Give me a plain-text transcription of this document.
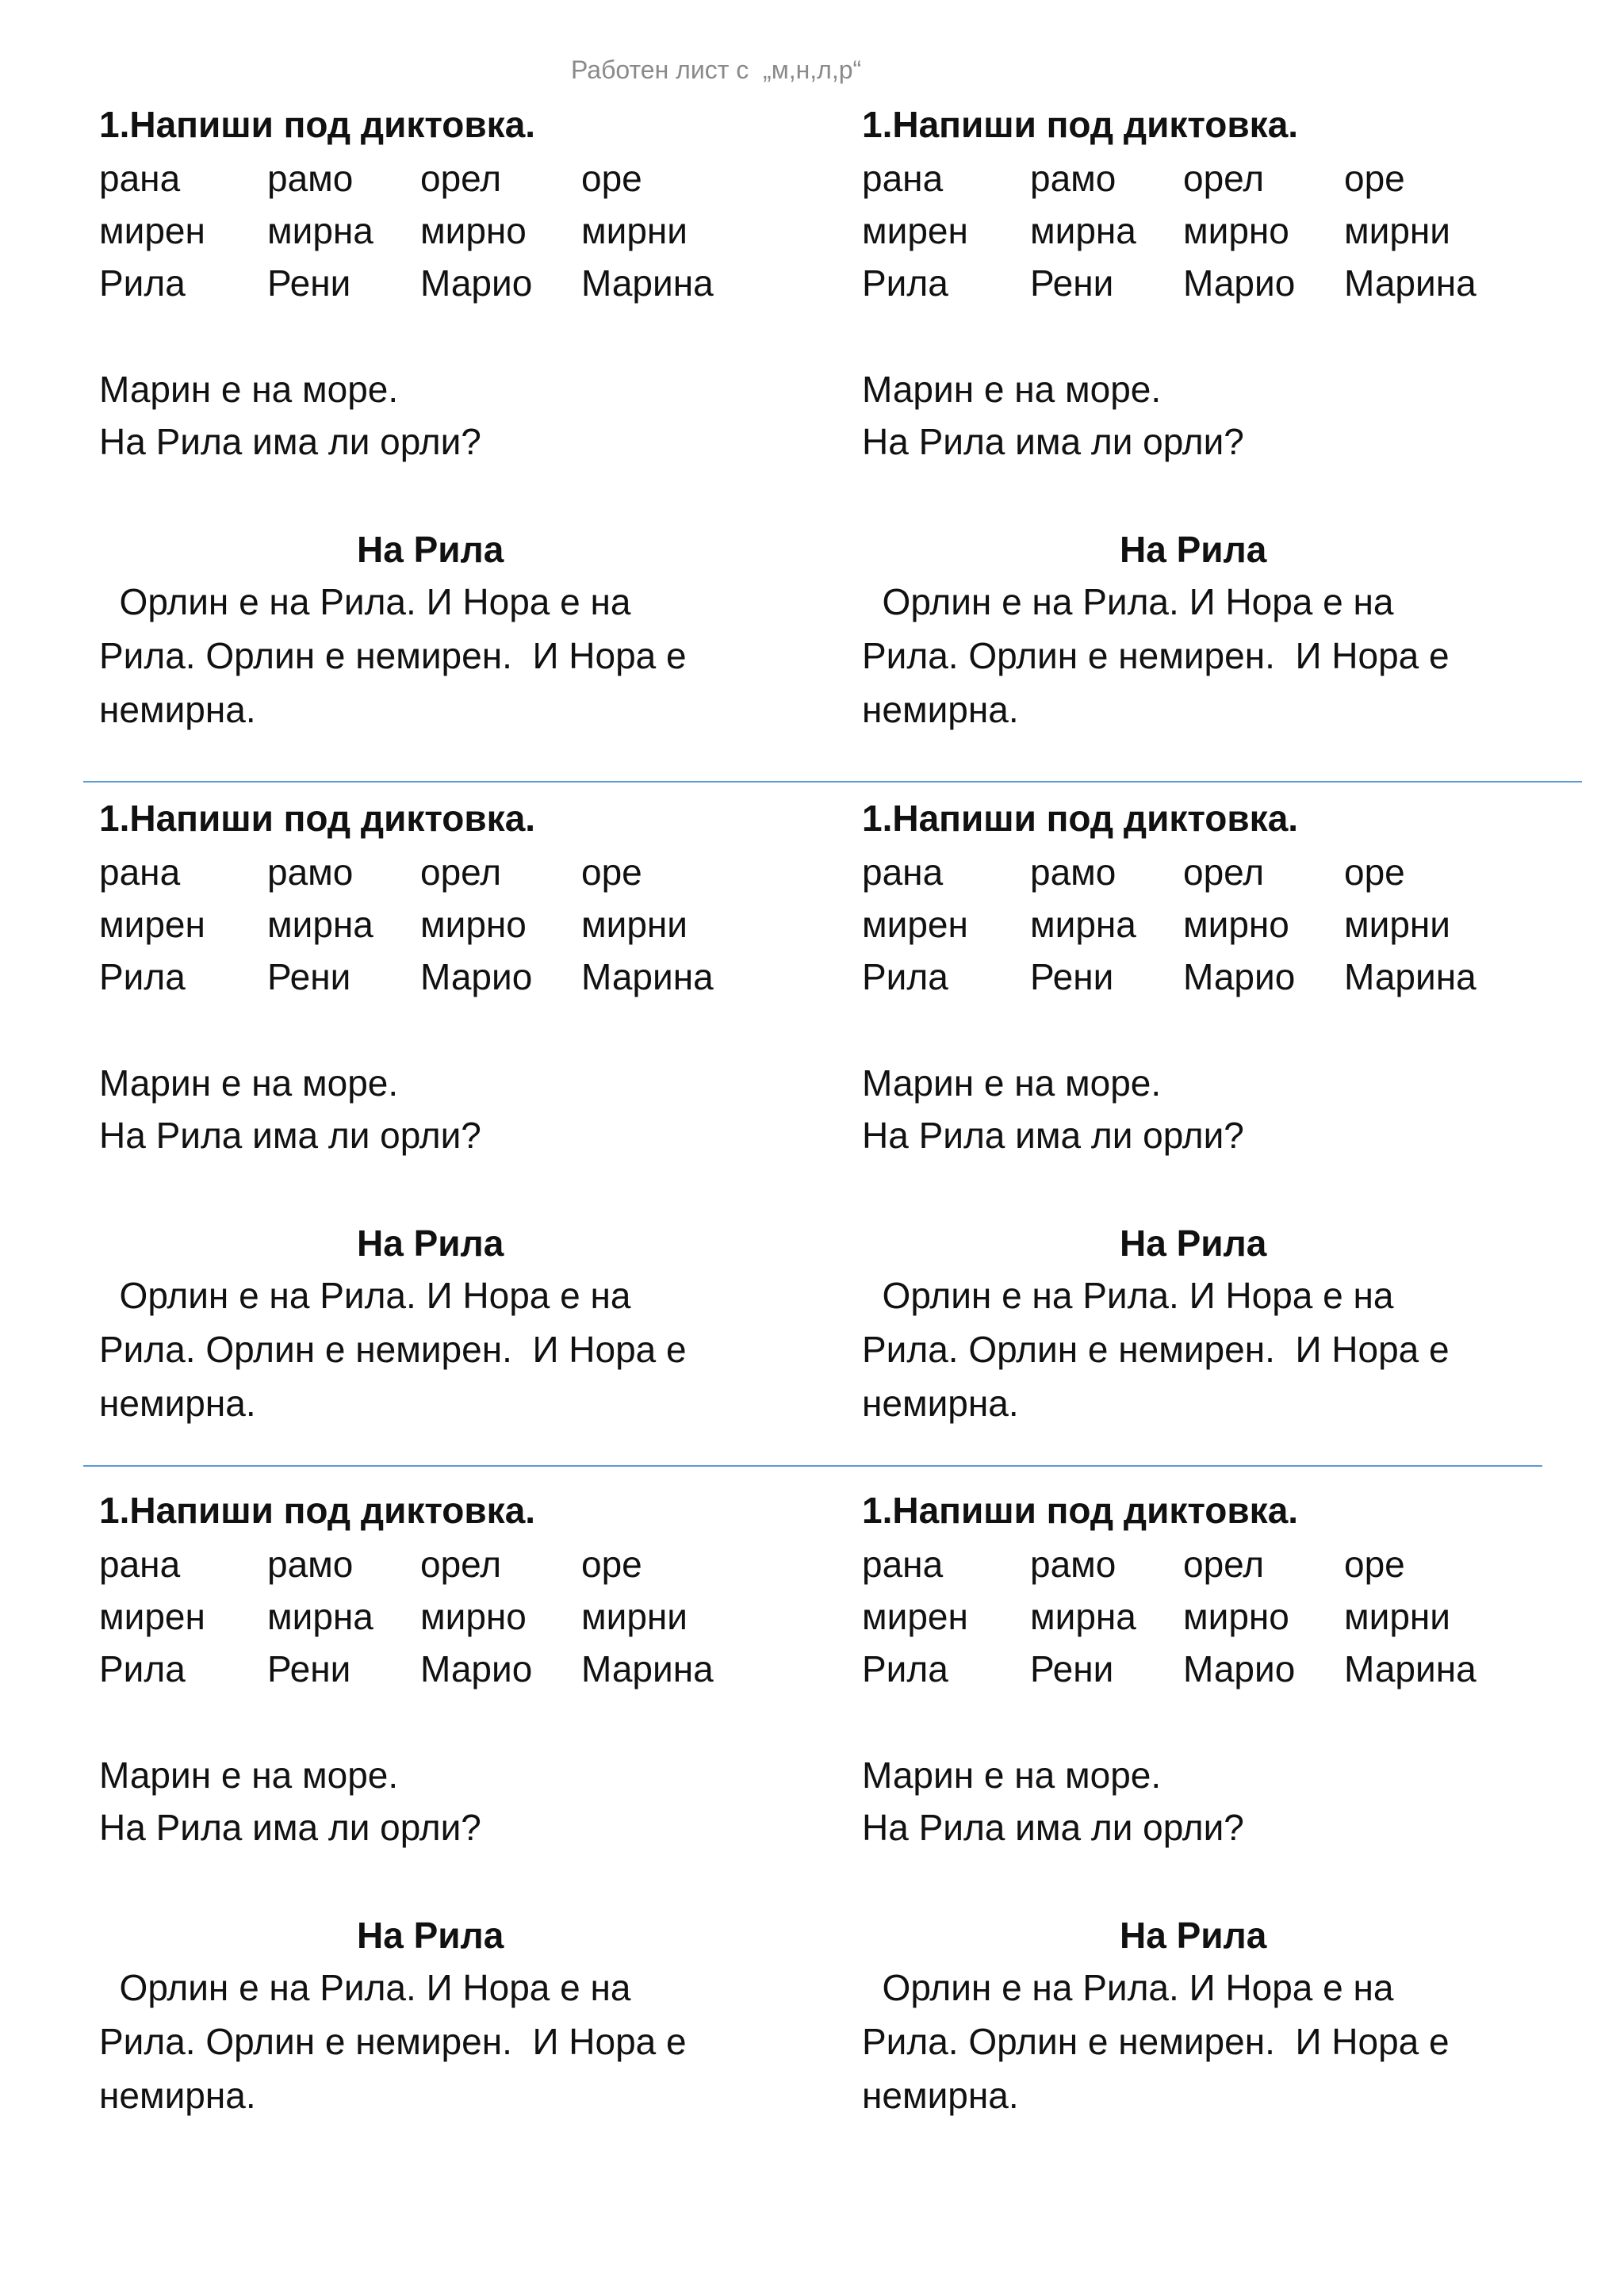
Работен лист с  „м,н,л,р“
1.Напиши под диктовка.
рана рамо орел оре
мирен мирна мирно мирни
Рила Рени Марио Марина
Марин е на море.
На Рила има ли орли?
На Рила
Орлин е на Рила. И Нора е на
Рила. Орлин е немирен.  И Нора е
немирна.
1.Напиши под диктовка.
рана рамо орел оре
мирен мирна мирно мирни
Рила Рени Марио Марина
Марин е на море.
На Рила има ли орли?
На Рила
Орлин е на Рила. И Нора е на
Рила. Орлин е немирен.  И Нора е
немирна.
1.Напиши под диктовка.
рана рамо орел оре
мирен мирна мирно мирни
Рила Рени Марио Марина
Марин е на море.
На Рила има ли орли?
На Рила
Орлин е на Рила. И Нора е на
Рила. Орлин е немирен.  И Нора е
немирна.
1.Напиши под диктовка.
рана рамо орел оре
мирен мирна мирно мирни
Рила Рени Марио Марина
Марин е на море.
На Рила има ли орли?
На Рила
Орлин е на Рила. И Нора е на
Рила. Орлин е немирен.  И Нора е
немирна.
1.Напиши под диктовка.
рана рамо орел оре
мирен мирна мирно мирни
Рила Рени Марио Марина
Марин е на море.
На Рила има ли орли?
На Рила
Орлин е на Рила. И Нора е на
Рила. Орлин е немирен.  И Нора е
немирна.
1.Напиши под диктовка.
рана рамо орел оре
мирен мирна мирно мирни
Рила Рени Марио Марина
Марин е на море.
На Рила има ли орли?
На Рила
Орлин е на Рила. И Нора е на
Рила. Орлин е немирен.  И Нора е
немирна.
